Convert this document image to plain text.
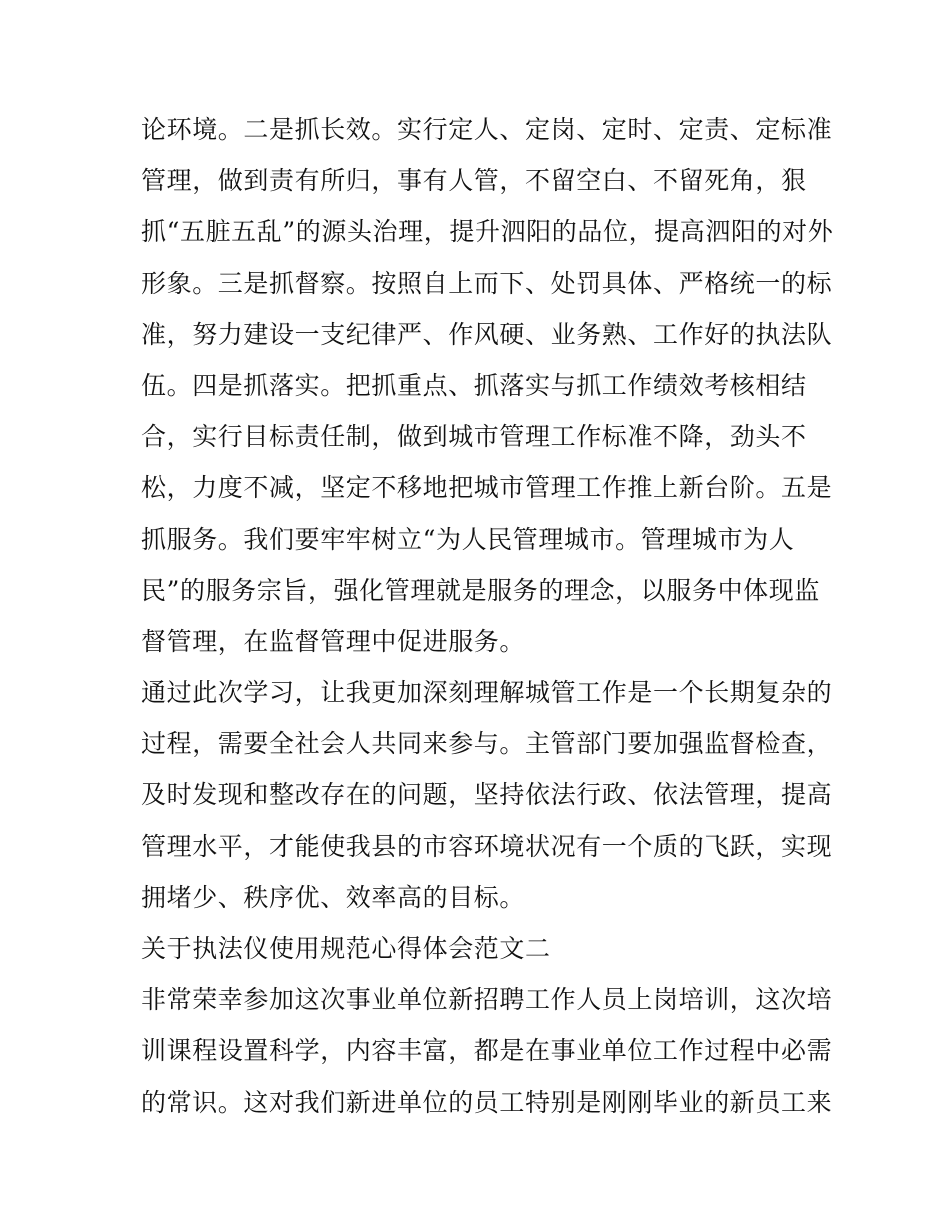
论环境。二是抓长效。实行定人、定岗、定时、定责、定标准
管理，做到责有所归，事有人管，不留空白、不留死角，狠
抓“五脏五乱”的源头治理，提升泗阳的品位，提高泗阳的对外
形象。三是抓督察。按照自上而下、处罚具体、严格统一的标
准，努力建设一支纪律严、作风硬、业务熟、工作好的执法队
伍。四是抓落实。把抓重点、抓落实与抓工作绩效考核相结
合，实行目标责任制，做到城市管理工作标准不降，劲头不
松，力度不减，坚定不移地把城市管理工作推上新台阶。五是
抓服务。我们要牢牢树立“为人民管理城市。管理城市为人
民”的服务宗旨，强化管理就是服务的理念，以服务中体现监
督管理，在监督管理中促进服务。
通过此次学习，让我更加深刻理解城管工作是一个长期复杂的
过程，需要全社会人共同来参与。主管部门要加强监督检查，
及时发现和整改存在的问题，坚持依法行政、依法管理，提高
管理水平，才能使我县的市容环境状况有一个质的飞跃，实现
拥堵少、秩序优、效率高的目标。
关于执法仪使用规范心得体会范文二
非常荣幸参加这次事业单位新招聘工作人员上岗培训，这次培
训课程设置科学，内容丰富，都是在事业单位工作过程中必需
的常识。这对我们新进单位的员工特别是刚刚毕业的新员工来
